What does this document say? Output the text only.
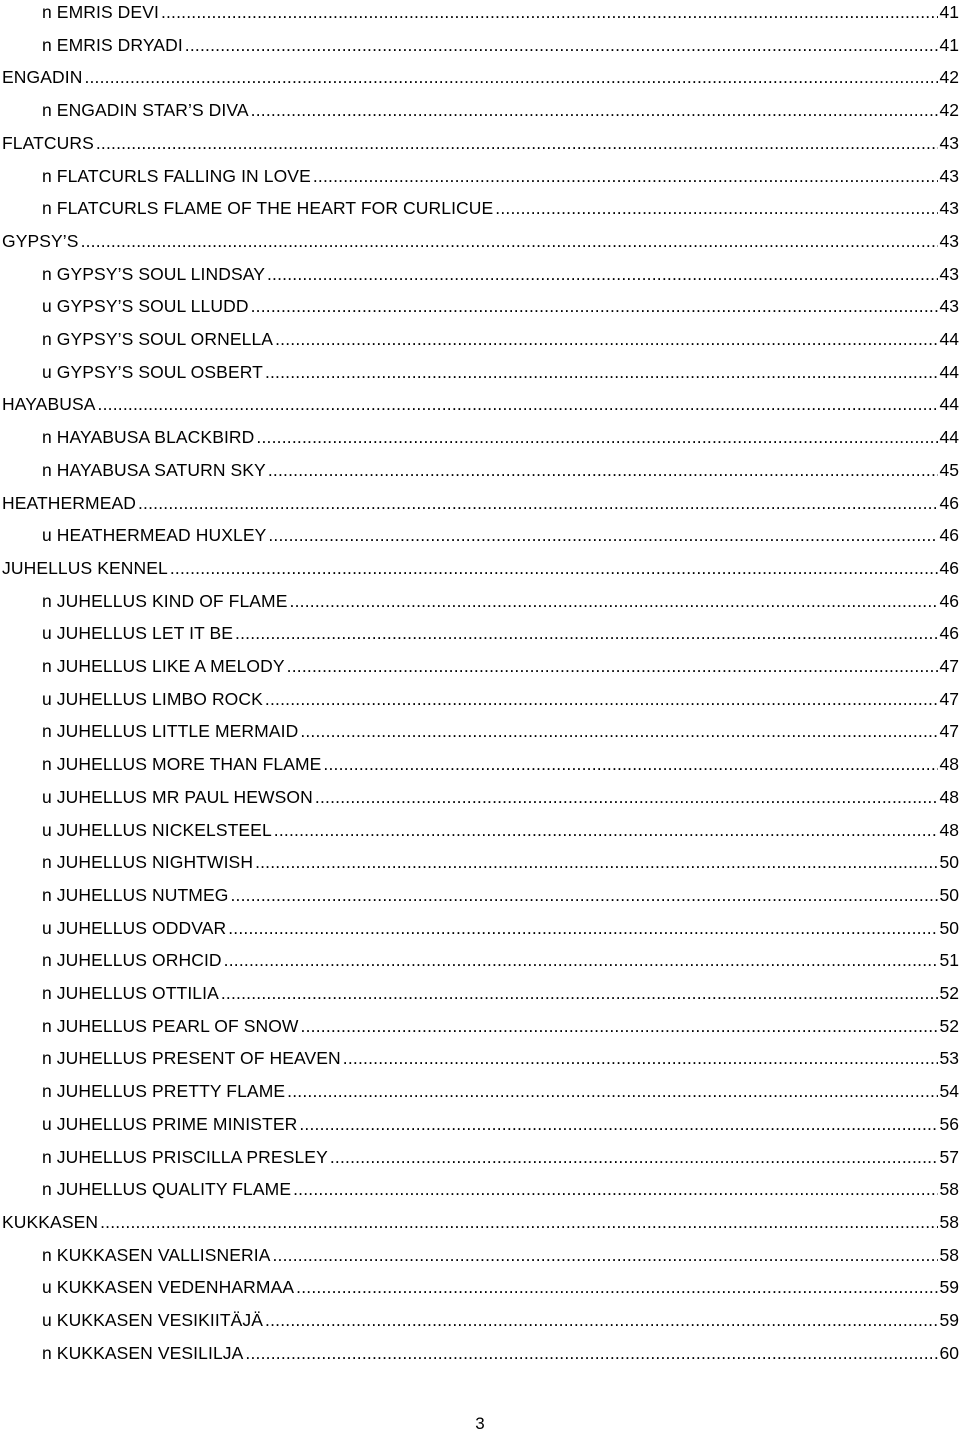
n EMRIS DEVI .....	41
n EMRIS DRYADI .....	41
ENGADIN .....	42
n ENGADIN STAR’S DIVA .....	42
FLATCURS .....	43
n FLATCURLS FALLING IN LOVE .....	43
n FLATCURLS FLAME OF THE HEART FOR CURLICUE .....	43
GYPSY’S .....	43
n GYPSY’S SOUL LINDSAY .....	43
u GYPSY’S SOUL LLUDD .....	43
n GYPSY’S SOUL ORNELLA .....	44
u GYPSY’S SOUL OSBERT .....	44
HAYABUSA .....	44
n HAYABUSA BLACKBIRD .....	44
n HAYABUSA SATURN SKY .....	45
HEATHERMEAD .....	46
u HEATHERMEAD HUXLEY .....	46
JUHELLUS KENNEL .....	46
n JUHELLUS KIND OF FLAME .....	46
u JUHELLUS LET IT BE .....	46
n JUHELLUS LIKE A MELODY .....	47
u JUHELLUS LIMBO ROCK .....	47
n JUHELLUS LITTLE MERMAID .....	47
n JUHELLUS MORE THAN FLAME .....	48
u JUHELLUS MR PAUL HEWSON .....	48
u JUHELLUS NICKELSTEEL .....	48
n JUHELLUS NIGHTWISH .....	50
n JUHELLUS NUTMEG .....	50
u JUHELLUS ODDVAR .....	50
n JUHELLUS ORHCID .....	51
n JUHELLUS OTTILIA .....	52
n JUHELLUS PEARL OF SNOW .....	52
n JUHELLUS PRESENT OF HEAVEN .....	53
n JUHELLUS PRETTY FLAME .....	54
u JUHELLUS PRIME MINISTER .....	56
n JUHELLUS PRISCILLA PRESLEY .....	57
n JUHELLUS QUALITY FLAME .....	58
KUKKASEN .....	58
n KUKKASEN VALLISNERIA .....	58
u KUKKASEN VEDENHARMAA .....	59
u KUKKASEN VESIKIITÄJÄ .....	59
n KUKKASEN VESILILJA .....	60
3
